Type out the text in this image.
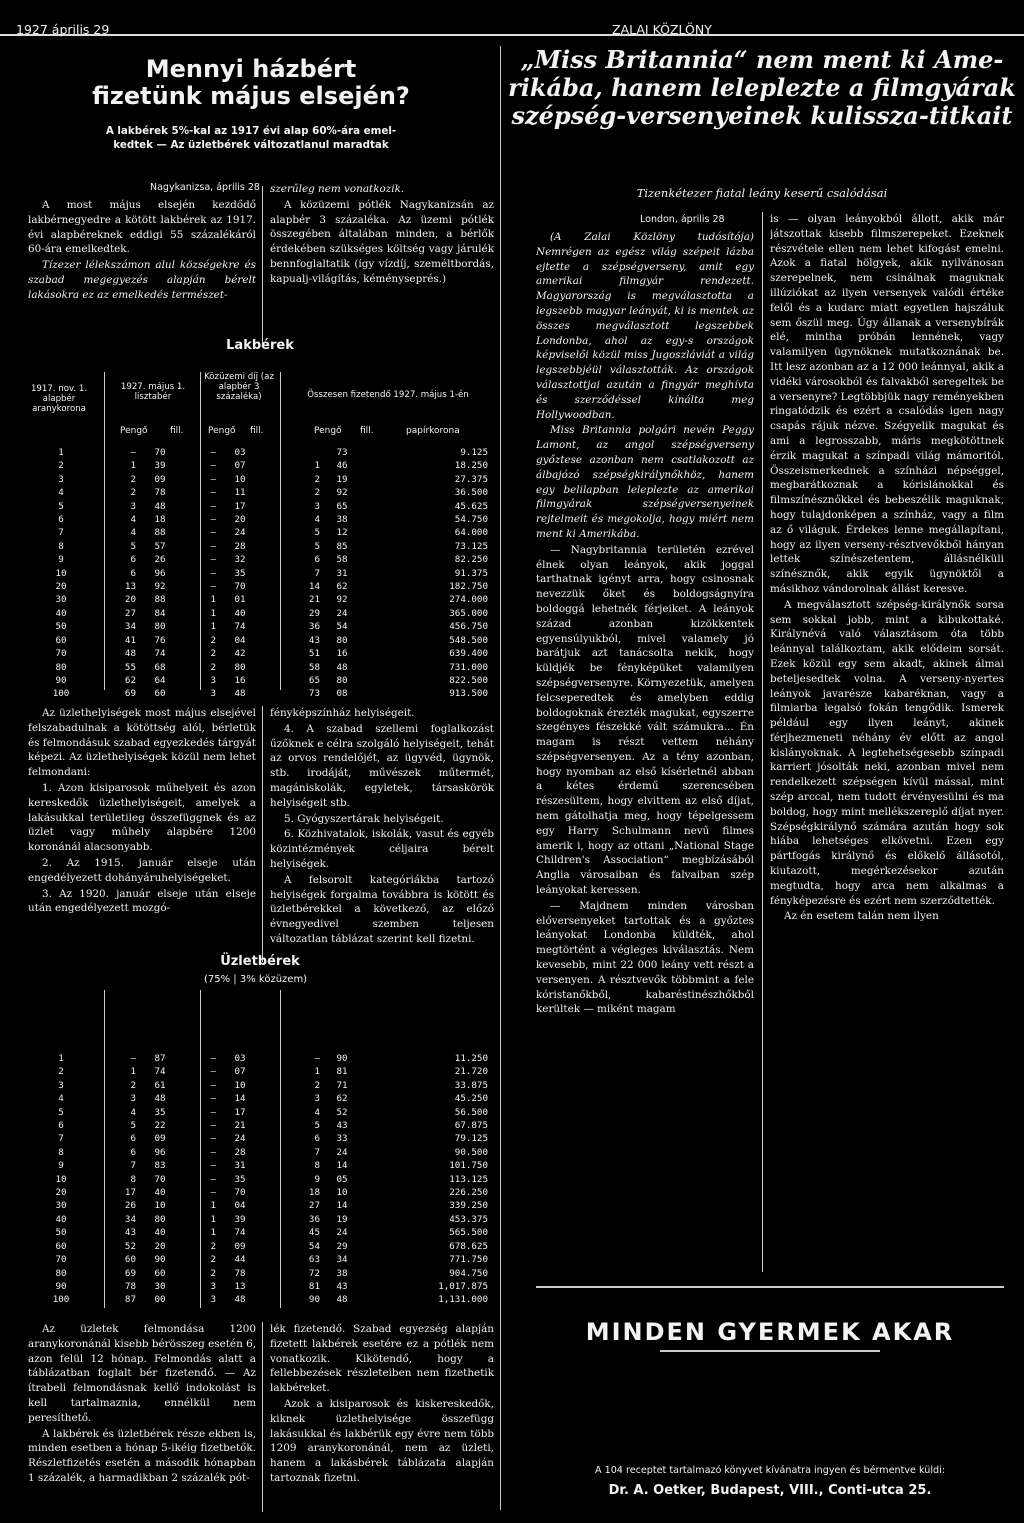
1927 április 29	ZALAI KÖZLÖNY
Mennyi házbért
fizetünk május elsején?
A lakbérek 5%-kal az 1917 évi alap 60%-ára emel-
kedtek — Az üzletbérek változatlanul maradtak
Nagykanizsa, április 28

A most május elsején kezdődő lakbérnegyedre a kötött lakbérek az 1917. évi alapbéreknek eddigi 55 százalékáról 60-ára emelkedtek.

Tízezer lélekszámon alul községekre és szabad megegyezés alapján bérelt lakásokra ez az emelkedés természet-

szerűleg nem vonatkozik.

A közüzemi pótlék Nagykanizsán az alapbér 3 százaléka. Az üzemi pótlék összegében általában minden, a bérlők érdekében szükséges költség vagy járulék bennfoglaltatik (így vízdíj, személtbordás, kapualj-világítás, kéményseprés.)

Lakbérek
1917. nov. 1. alapbér aranykorona
1927. május 1. lisztabér
Közüzemi díj (az alapbér 3 százaléka)	Összesen fizetendő 1927. május 1-én
Pengő fill.	Pengő fill.	Pengő fill.	papírkorona
1	—	70	—	03		73	9.125
2	1	39	—	07	1	46	18.250
3	2	09	—	10	2	19	27.375
4	2	78	—	11	2	92	36.500
5	3	48	—	17	3	65	45.625
6	4	18	—	20	4	38	54.750
7	4	88	—	24	5	12	64.000
8	5	57	—	28	5	85	73.125
9	6	26	—	32	6	58	82.250
10	6	96	—	35	7	31	91.375
20	13	92	—	70	14	62	182.750
30	20	88	1	01	21	92	274.000
40	27	84	1	40	29	24	365.000
50	34	80	1	74	36	54	456.750
60	41	76	2	04	43	80	548.500
70	48	74	2	42	51	16	639.400
80	55	68	2	80	58	48	731.000
90	62	64	3	16	65	80	822.500
100	69	60	3	48	73	08	913.500

Az üzlethelyiségek most május elsejével felszabadulnak a kötöttség alól, bérletük és felmondásuk szabad egyezkedés tárgyát képezi. Az üzlethelyiségek közül nem lehet felmondani:

1. Azon kisiparosok műhelyeit és azon kereskedők üzlethelyiségeit, amelyek a lakásukkal területileg összefüggnek és az üzlet vagy műhely alapbére 1200 koronánál alacsonyabb.

2. Az 1915. január elseje után engedélyezett dohányáruhelyiségeket.

3. Az 1920. január elseje után elseje után engedélyezett mozgó-

fényképszínház helyiségeit.

4. A szabad szellemi foglalkozást űzőknek e célra szolgáló helyiségeit, tehát az orvos rendelőjét, az ügyvéd, ügynök, stb. irodáját, művészek műtermét, magániskolák, egyletek, társaskörök helyiségeit stb.

5. Gyógyszertárak helyiségeit.

6. Közhivatalok, iskolák, vasut és egyéb közintézmények céljaira bérelt helyiségek.

A felsorolt kategóriákba tartozó helyiségek forgalma továbbra is kötött és üzletbérekkel a következő, az előző évnegyedivel szemben teljesen változatlan táblázat szerint kell fizetni.

Üzletbérek
(75% | 3% közüzem)
1	—	87	—	03	—	90	11.250
2	1	74	—	07	1	81	21.720
3	2	61	—	10	2	71	33.875
4	3	48	—	14	3	62	45.250
5	4	35	—	17	4	52	56.500
6	5	22	—	21	5	43	67.875
7	6	09	—	24	6	33	79.125
8	6	96	—	28	7	24	90.500
9	7	83	—	31	8	14	101.750
10	8	70	—	35	9	05	113.125
20	17	40	—	70	18	10	226.250
30	26	10	1	04	27	14	339.250
40	34	80	1	39	36	19	453.375
50	43	40	1	74	45	24	565.500
60	52	20	2	09	54	29	678.625
70	60	90	2	44	63	34	771.750
80	69	60	2	78	72	38	904.750
90	78	30	3	13	81	43	1,017.875
100	87	00	3	48	90	48	1,131.000

Az üzletek felmondása 1200 aranykoronánál kisebb bérösszeg esetén 6, azon felül 12 hónap. Felmondás alatt a táblázatban foglalt bér fizetendő. — Az ítrabeli felmondásnak kellő indokolást is kell tartalmaznia, ennélkül nem peresíthető.

A lakbérek és üzletbérek része ekben is, minden esetben a hónap 5-ikéig fizetbetők. Részletfizetés esetén a második hónapban 1 százalék, a harmadikban 2 százalék pót-

lék fizetendő. Szabad egyezség alapján fizetett lakbérek esetére ez a pótlék nem vonatkozik. Kikötendő, hogy a fellebbezések részleteiben nem fizethetik lakbéreket.

Azok a kisiparosok és kiskereskedők, kiknek üzlethelyisége összefügg lakásukkal és lakbérük egy évre nem több 1209 aranykoronánál, nem az üzleti, hanem a lakásbérek táblázata alapján tartoznak fizetni.

„Miss Britannia“ nem ment ki Ame-
rikába, hanem leleplezte a filmgyárak
szépség-versenyeinek kulissza-titkait
Tizenkétezer fiatal leány keserű csalódásai
London, április 28

(A Zalai Közlöny tudósítója) Nemrégen az egész világ szépeit lázba ejtette a szépségverseny, amit egy amerikai filmgyár rendezett. Magyarország is megválasztotta a legszebb magyar leányát, ki is mentek az összes megválasztott legszebbek Londonba, ahol az egy-s országok képviselői közül miss Jugoszláviát a világ legszebbjéül választották. Az országok választottjai azután a fingyár meghívta és szerződéssel kínálta meg Hollywoodban.

Miss Britannia polgári nevén Peggy Lamont, az angol szépségverseny győztese azonban nem csatlakozott az álbajózó szépségkirálynőkhöz, hanem egy belilapban leleplezte az amerikai filmgyárak szépségversenyeinek rejtelmeit és megokolja, hogy miért nem ment ki Amerikába.

— Nagybritannia területén ezrével élnek olyan leányok, akik joggal tarthatnak igényt arra, hogy csinosnak nevezzük őket és boldogságnyíra boldoggá lehetnék férjeiket. A leányok század azonban kizökkentek egyensúlyukból, mivel valamely jó barátjuk azt tanácsolta nekik, hogy küldjék be fényképüket valamilyen szépségversenyre. Környezetük, amelyen felcseperedtek és amelyben eddig boldogoknak érezték magukat, egyszerre szegényes fészekké vált számukra... Én magam is részt vettem néhány szépségversenyen. Az a tény azonban, hogy nyomban az első kísérletnél abban a kétes érdemű szerencsében részesültem, hogy elvittem az első díjat, nem gátolhatja meg, hogy tépelgessem egy Harry Schulmann nevű filmes amerik i, hogy az ottani „National Stage Children's Association“ megbízásából Anglia városaiban és falvaiban szép leányokat keressen.

— Majdnem minden városban előversenyeket tartottak és a győztes leányokat Londonba küldték, ahol megtörtént a végleges kiválasztás. Nem kevesebb, mint 22 000 leány vett részt a versenyen. A résztvevők többmint a fele kóristanőkből, kabaréstinészhőkből kerültek — miként magam

is — olyan leányokból állott, akik már játszottak kisebb filmszerepeket. Ezeknek részvétele ellen nem lehet kifogást emelni. Azok a fiatal hölgyek, akik nyilvánosan szerepelnek, nem csinálnak maguknak illúziókat az ilyen versenyek valódi értéke felől és a kudarc miatt egyetlen hajszáluk sem őszül meg. Úgy állanak a versenybírák elé, mintha próbán lennének, vagy valamilyen ügynöknek mutatkoznának be. Itt lesz azonban az a 12 000 leánnyal, akik a vidéki városokból és falvakból seregeltek be a versenyre? Legtöbbjük nagy reményekben ringatódzik és ezért a csalódás igen nagy csapás rájuk nézve. Szégyelik magukat és ami a legrosszabb, máris megkötöttnek érzik magukat a színpadi világ mámoritól. Összeismerkednek a színházi népséggel, megbarátkoznak a kórislánokkal és filmszínésznőkkel és bebeszélik maguknak, hogy tulajdonképen a színház, vagy a film az ő világuk. Érdekes lenne megállapítani, hogy az ilyen verseny-résztvevőkből hányan lettek színészetentem, állásnélküli színésznők, akik egyik ügynöktől a másikhoz vándorolnak állást keresve.

A megválasztott szépség-királynők sorsa sem sokkal jobb, mint a kibukottaké. Királynévá való választásom óta több leánnyal találkoztam, akik elődeim sorsát. Ezek közül egy sem akadt, akinek álmai beteljesedtek volna. A verseny-nyertes leányok javarésze kabaréknan, vagy a filmiarba legalsó fokán tengődik. Ismerek például egy ilyen leányt, akinek férjhezmeneti néhány év előtt az angol kislányoknak. A legtehetségesebb színpadi karriert jósolták neki, azonban mivel nem rendelkezett szépségen kívül mással, mint szép arccal, nem tudott érvényesülni és ma boldog, hogy mint mellékszereplő díjat nyer. Szépségkirálynő számára azután hogy sok hiába lehetséges elkövetni. Ezen egy pártfogás királynő és előkelő állásotól, kiutazott, megérkezésekor azután megtudta, hogy arca nem alkalmas a fényképezésre és ezért nem szerződtették.

Az én esetem talán nem ilyen

MINDEN GYERMEK AKAR
A 104 receptet tartalmazó könyvet kívánatra ingyen és bérmentve küldi:
Dr. A. Oetker, Budapest, VIII., Conti-utca 25.
